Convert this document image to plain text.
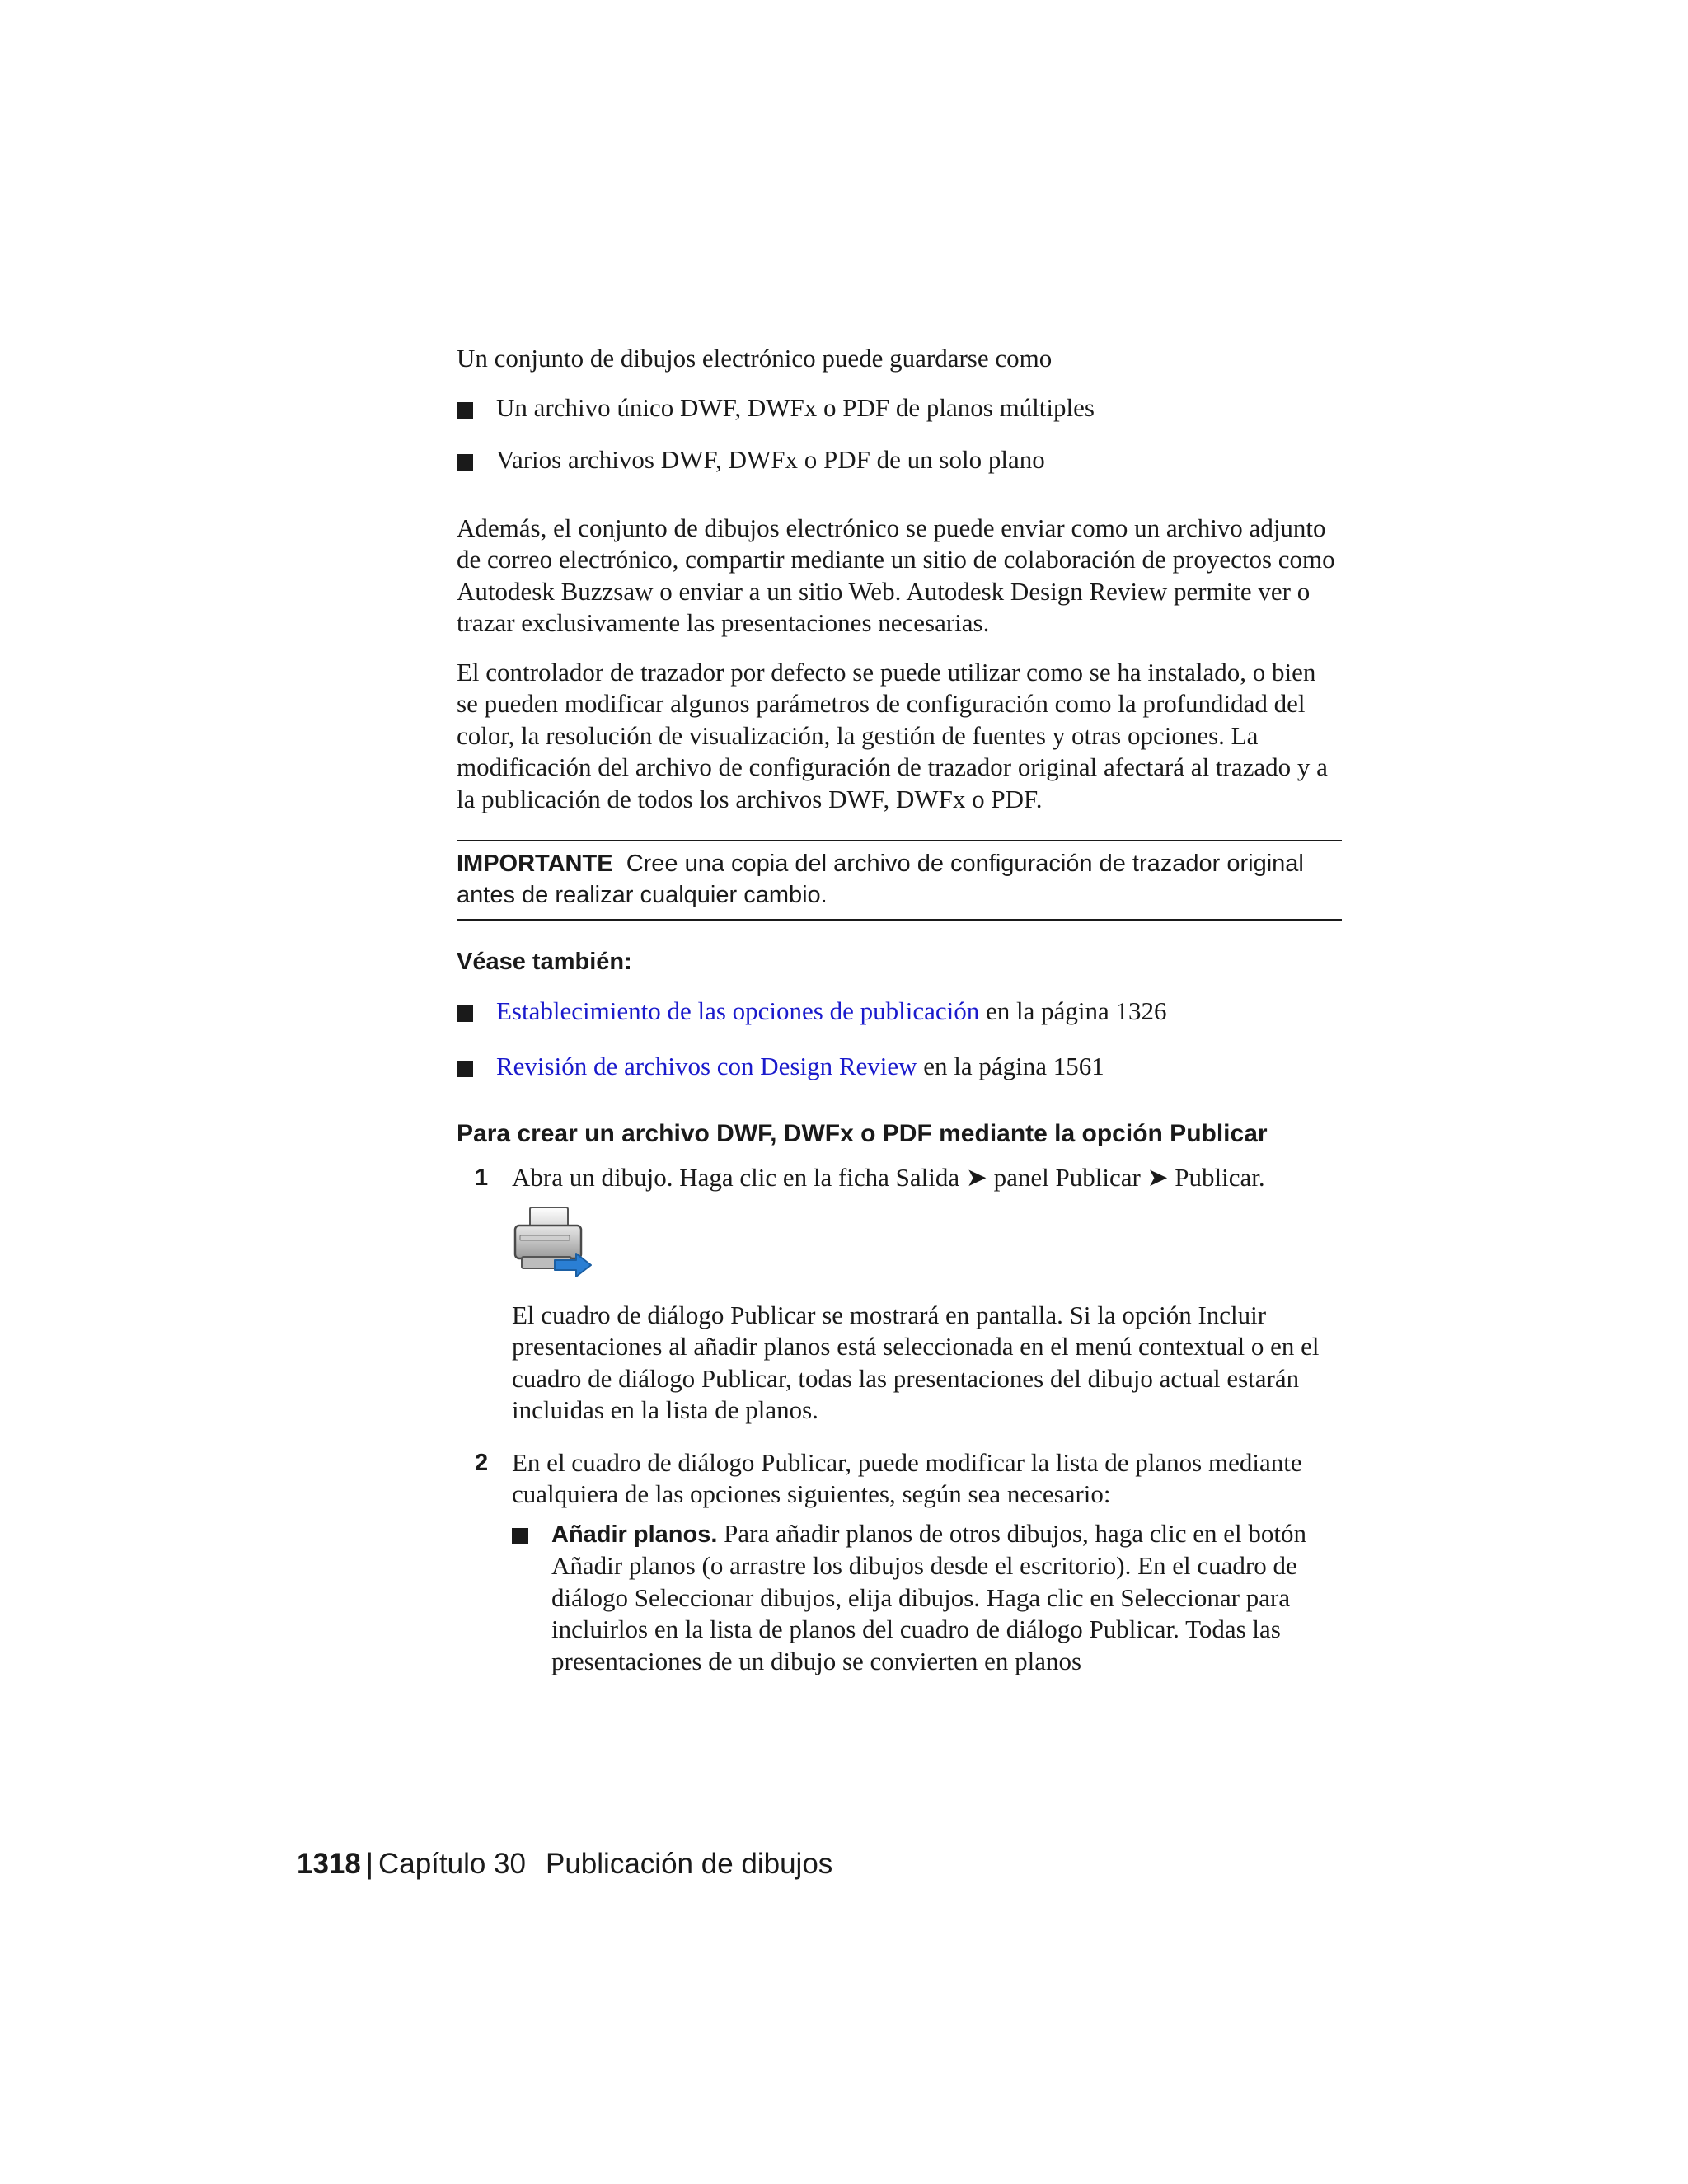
Un conjunto de dibujos electrónico puede guardarse como

Un archivo único DWF, DWFx o PDF de planos múltiples
Varios archivos DWF, DWFx o PDF de un solo plano

Además, el conjunto de dibujos electrónico se puede enviar como un archivo adjunto de correo electrónico, compartir mediante un sitio de colaboración de proyectos como Autodesk Buzzsaw o enviar a un sitio Web. Autodesk Design Review permite ver o trazar exclusivamente las presentaciones necesarias.

El controlador de trazador por defecto se puede utilizar como se ha instalado, o bien se pueden modificar algunos parámetros de configuración como la profundidad del color, la resolución de visualización, la gestión de fuentes y otras opciones. La modificación del archivo de configuración de trazador original afectará al trazado y a la publicación de todos los archivos DWF, DWFx o PDF.

IMPORTANTE Cree una copia del archivo de configuración de trazador original antes de realizar cualquier cambio.
Véase también:
Establecimiento de las opciones de publicación en la página 1326
Revisión de archivos con Design Review en la página 1561
Para crear un archivo DWF, DWFx o PDF mediante la opción Publicar
1 Abra un dibujo. Haga clic en la ficha Salida ➤ panel Publicar ➤ Publicar.

El cuadro de diálogo Publicar se mostrará en pantalla. Si la opción Incluir presentaciones al añadir planos está seleccionada en el menú contextual o en el cuadro de diálogo Publicar, todas las presentaciones del dibujo actual estarán incluidas en la lista de planos.

2 En el cuadro de diálogo Publicar, puede modificar la lista de planos mediante cualquiera de las opciones siguientes, según sea necesario:
Añadir planos. Para añadir planos de otros dibujos, haga clic en el botón Añadir planos (o arrastre los dibujos desde el escritorio). En el cuadro de diálogo Seleccionar dibujos, elija dibujos. Haga clic en Seleccionar para incluirlos en la lista de planos del cuadro de diálogo Publicar. Todas las presentaciones de un dibujo se convierten en planos
1318 | Capítulo 30 Publicación de dibujos
